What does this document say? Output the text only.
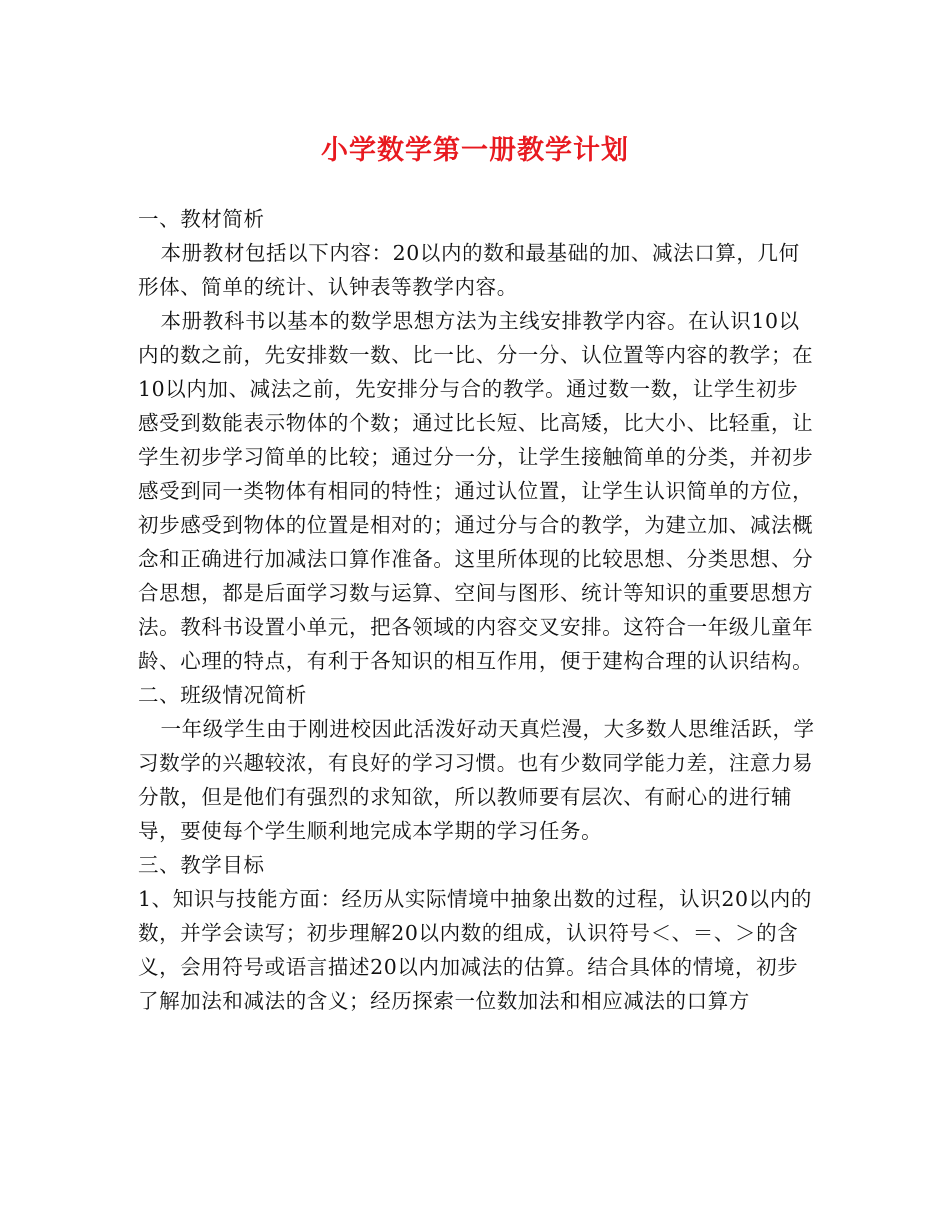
小学数学第一册教学计划

一、教材简析

本册教材包括以下内容：20以内的数和最基础的加、减法口算，几何形体、简单的统计、认钟表等教学内容。

本册教科书以基本的数学思想方法为主线安排教学内容。在认识10以内的数之前，先安排数一数、比一比、分一分、认位置等内容的教学；在10以内加、减法之前，先安排分与合的教学。通过数一数，让学生初步感受到数能表示物体的个数；通过比长短、比高矮，比大小、比轻重，让学生初步学习简单的比较；通过分一分，让学生接触简单的分类，并初步感受到同一类物体有相同的特性；通过认位置，让学生认识简单的方位，初步感受到物体的位置是相对的；通过分与合的教学，为建立加、减法概念和正确进行加减法口算作准备。这里所体现的比较思想、分类思想、分合思想，都是后面学习数与运算、空间与图形、统计等知识的重要思想方法。教科书设置小单元，把各领域的内容交叉安排。这符合一年级儿童年龄、心理的特点，有利于各知识的相互作用，便于建构合理的认识结构。

二、班级情况简析

一年级学生由于刚进校因此活泼好动天真烂漫，大多数人思维活跃，学习数学的兴趣较浓，有良好的学习习惯。也有少数同学能力差，注意力易分散，但是他们有强烈的求知欲，所以教师要有层次、有耐心的进行辅导，要使每个学生顺利地完成本学期的学习任务。

三、教学目标

1、知识与技能方面：经历从实际情境中抽象出数的过程，认识20以内的数，并学会读写；初步理解20以内数的组成，认识符号＜、＝、＞的含义，会用符号或语言描述20以内加减法的估算。结合具体的情境，初步了解加法和减法的含义；经历探索一位数加法和相应减法的口算方
